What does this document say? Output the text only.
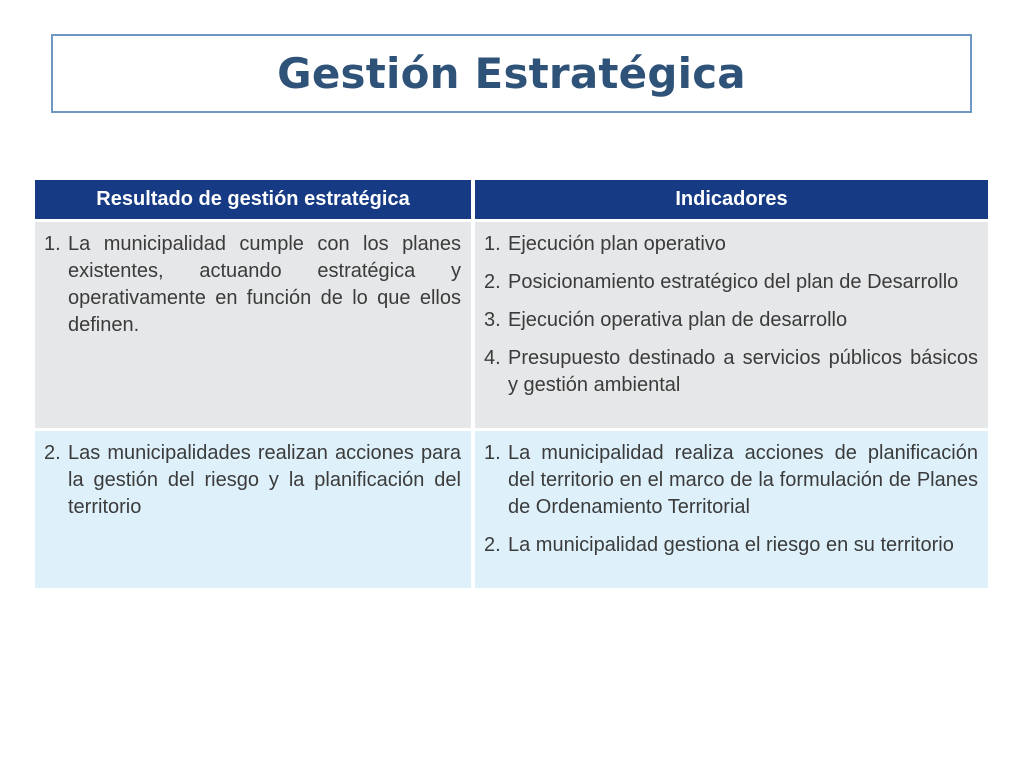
Gestión Estratégica
Resultado de gestión estratégica	Indicadores
1. La municipalidad cumple con los planes existentes, actuando estratégica y operativamente en función de lo que ellos definen.
1. Ejecución plan operativo
2. Posicionamiento estratégico del plan de Desarrollo
3. Ejecución operativa plan de desarrollo
4. Presupuesto destinado a servicios públicos básicos y gestión ambiental
2. Las municipalidades realizan acciones para la gestión del riesgo y la planificación del territorio
1. La municipalidad realiza acciones de planificación del territorio en el marco de la formulación de Planes de Ordenamiento Territorial
2. La municipalidad gestiona el riesgo en su territorio
